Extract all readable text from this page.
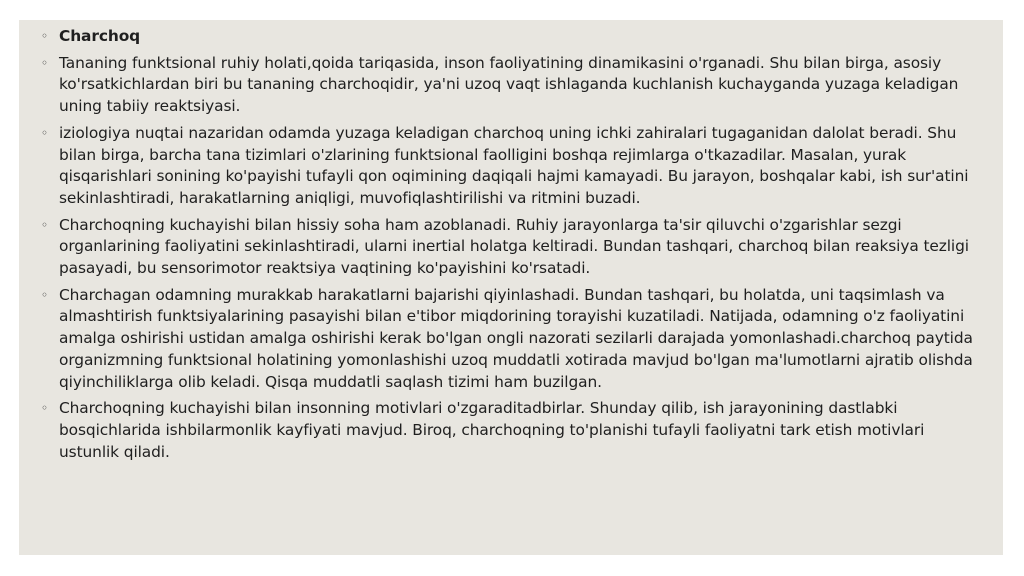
◦ Charchoq
◦ Tananing funktsional ruhiy holati,qoida tariqasida, inson faoliyatining dinamikasini o'rganadi. Shu bilan birga, asosiy ko'rsatkichlardan biri bu tananing charchoqidir, ya'ni uzoq vaqt ishlaganda kuchlanish kuchayganda yuzaga keladigan uning tabiiy reaktsiyasi.
◦ iziologiya nuqtai nazaridan odamda yuzaga keladigan charchoq uning ichki zahiralari tugaganidan dalolat beradi. Shu bilan birga, barcha tana tizimlari o'zlarining funktsional faolligini boshqa rejimlarga o'tkazadilar. Masalan, yurak qisqarishlari sonining ko'payishi tufayli qon oqimining daqiqali hajmi kamayadi. Bu jarayon, boshqalar kabi, ish sur'atini sekinlashtiradi, harakatlarning aniqligi, muvofiqlashtirilishi va ritmini buzadi.
◦ Charchoqning kuchayishi bilan hissiy soha ham azoblanadi. Ruhiy jarayonlarga ta'sir qiluvchi o'zgarishlar sezgi organlarining faoliyatini sekinlashtiradi, ularni inertial holatga keltiradi. Bundan tashqari, charchoq bilan reaksiya tezligi pasayadi, bu sensorimotor reaktsiya vaqtining ko'payishini ko'rsatadi.
◦ Charchagan odamning murakkab harakatlarni bajarishi qiyinlashadi. Bundan tashqari, bu holatda, uni taqsimlash va almashtirish funktsiyalarining pasayishi bilan e'tibor miqdorining torayishi kuzatiladi. Natijada, odamning o'z faoliyatini amalga oshirishi ustidan amalga oshirishi kerak bo'lgan ongli nazorati sezilarli darajada yomonlashadi.charchoq paytida organizmning funktsional holatining yomonlashishi uzoq muddatli xotirada mavjud bo'lgan ma'lumotlarni ajratib olishda qiyinchiliklarga olib keladi. Qisqa muddatli saqlash tizimi ham buzilgan.
◦ Charchoqning kuchayishi bilan insonning motivlari o'zgaraditadbirlar. Shunday qilib, ish jarayonining dastlabki bosqichlarida ishbilarmonlik kayfiyati mavjud. Biroq, charchoqning to'planishi tufayli faoliyatni tark etish motivlari ustunlik qiladi.
